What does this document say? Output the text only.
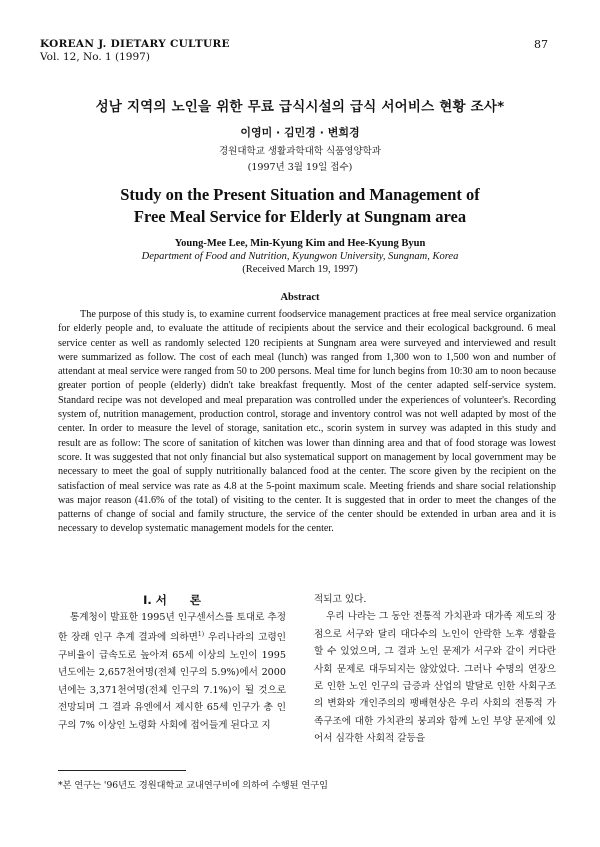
KOREAN J. DIETARY CULTURE
Vol. 12, No. 1 (1997)
87
성남 지역의 노인을 위한 무료 급식시설의 급식 서어비스 현황 조사*
이영미 · 김민경 · 변희경
경원대학교 생활과학대학 식품영양학과
(1997년 3월 19일 접수)
Study on the Present Situation and Management of
Free Meal Service for Elderly at Sungnam area
Young-Mee Lee, Min-Kyung Kim and Hee-Kyung Byun
Department of Food and Nutrition, Kyungwon University, Sungnam, Korea
(Received March 19, 1997)
Abstract

The purpose of this study is, to examine current foodservice management practices at free meal service organization for elderly people and, to evaluate the attitude of recipients about the service and their ecological background. 6 meal service center as well as randomly selected 120 recipients at Sungnam area were surveyed and interviewed and result were summarized as follow. The cost of each meal (lunch) was ranged from 1,300 won to 1,500 won and number of attendant at meal service were ranged from 50 to 200 persons. Meal time for lunch begins from 10:30 am to noon because greater portion of people (elderly) didn't take breakfast frequently. Most of the center adapted self-service system. Standard recipe was not developed and meal preparation was controlled under the experiences of volunteer's. Recording system of, nutrition management, production control, storage and inventory control was not well adapted by most of the center. In order to measure the level of storage, sanitation etc., scorin system in survey was adapted in this study and result are as follow: The score of sanitation of kitchen was lower than dinning area and that of food storage was lowest score. It was suggested that not only financial but also systematical support on management by local government may be necessary to meet the goal of supply nutritionally balanced food at the center. The score given by the recipient on the satisfaction of meal service was rate as 4.8 at the 5-point maximum scale. Meeting friends and share social relationship was major reason (41.6% of the total) of visiting to the center. It is suggested that in order to meet the changes of the patterns of change of social and family structure, the service of the center should be extended in urban area and it is necessary to develop systematic management models for the center.

I. 서　　론

통계청이 발표한 1995년 인구센서스를 토대로 추정한 장래 인구 추계 결과에 의하면$^{1)}$ 우리나라의 고령인구비율이 급속도로 높아져 65세 이상의 노인이 1995년도에는 2,657천여명(전체 인구의 5.9%)에서 2000년에는 3,371천여명(전체 인구의 7.1%)이 될 것으로 전망되며 그 결과 유엔에서 제시한 65세 인구가 총 인구의 7% 이상인 노령화 사회에 접어들게 된다고 지

적되고 있다.

우리 나라는 그 동안 전통적 가치관과 대가족 제도의 장점으로 서구와 달리 대다수의 노인이 안락한 노후 생활을 할 수 있었으며, 그 결과 노인 문제가 서구와 같이 커다란 사회 문제로 대두되지는 않았었다. 그러나 수명의 연장으로 인한 노인 인구의 급증과 산업의 발달로 인한 사회구조의 변화와 개인주의의 팽배현상은 우리 사회의 전통적 가족구조에 대한 가치관의 붕괴와 함께 노인 부양 문제에 있어서 심각한 사회적 갈등을

*본 연구는 '96년도 경원대학교 교내연구비에 의하여 수행된 연구임
